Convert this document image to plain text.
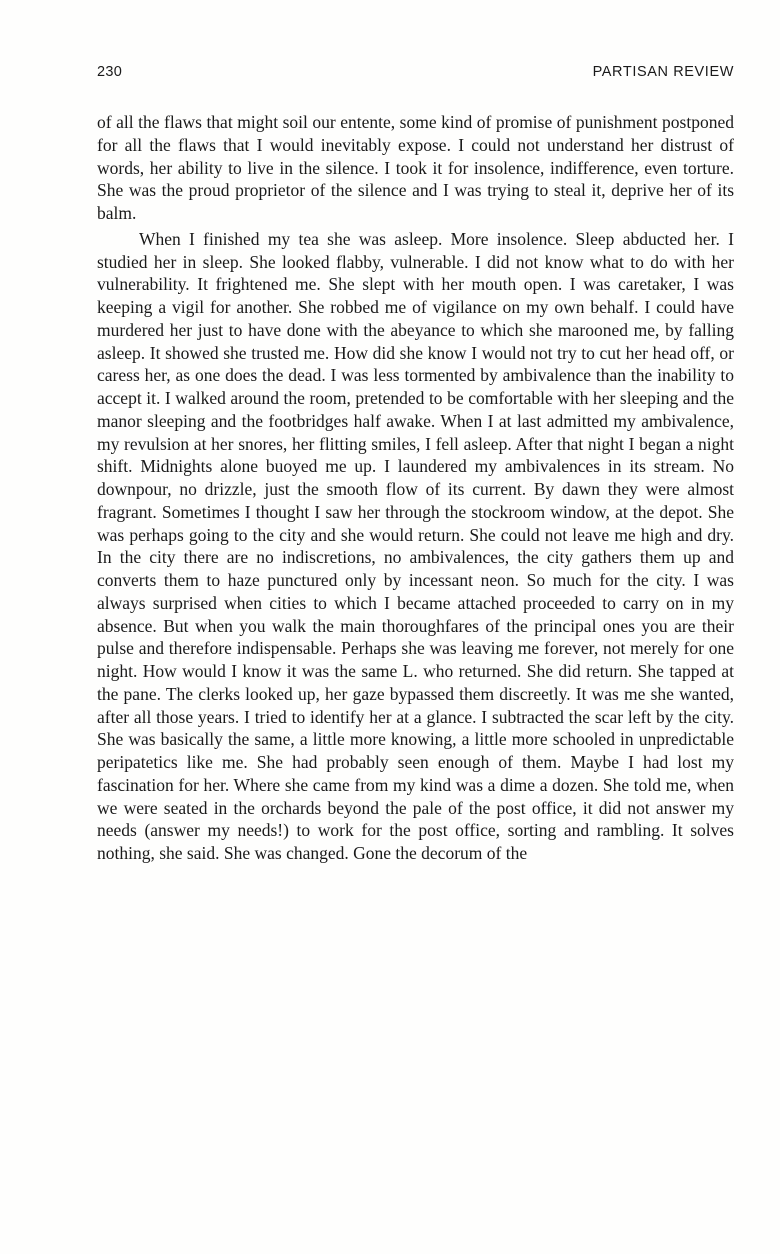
230	PARTISAN REVIEW

of all the flaws that might soil our entente, some kind of promise of punishment postponed for all the flaws that I would inevitably expose. I could not understand her distrust of words, her ability to live in the silence. I took it for insolence, indifference, even torture. She was the proud proprietor of the silence and I was trying to steal it, deprive her of its balm.

When I finished my tea she was asleep. More insolence. Sleep abducted her. I studied her in sleep. She looked flabby, vulnerable. I did not know what to do with her vulnerability. It frightened me. She slept with her mouth open. I was caretaker, I was keeping a vigil for another. She robbed me of vigilance on my own behalf. I could have murdered her just to have done with the abeyance to which she marooned me, by falling asleep. It showed she trusted me. How did she know I would not try to cut her head off, or caress her, as one does the dead. I was less tormented by ambivalence than the inability to accept it. I walked around the room, pretended to be comfortable with her sleeping and the manor sleeping and the footbridges half awake. When I at last admitted my ambivalence, my revulsion at her snores, her flitting smiles, I fell asleep. After that night I began a night shift. Midnights alone buoyed me up. I laundered my ambivalences in its stream. No downpour, no drizzle, just the smooth flow of its current. By dawn they were almost fragrant. Sometimes I thought I saw her through the stockroom window, at the depot. She was perhaps going to the city and she would return. She could not leave me high and dry. In the city there are no indiscretions, no ambivalences, the city gathers them up and converts them to haze punctured only by incessant neon. So much for the city. I was always surprised when cities to which I became attached proceeded to carry on in my absence. But when you walk the main thoroughfares of the principal ones you are their pulse and therefore indispensable. Perhaps she was leaving me forever, not merely for one night. How would I know it was the same L. who returned. She did return. She tapped at the pane. The clerks looked up, her gaze bypassed them discreetly. It was me she wanted, after all those years. I tried to identify her at a glance. I subtracted the scar left by the city. She was basically the same, a little more knowing, a little more schooled in unpredictable peripatetics like me. She had probably seen enough of them. Maybe I had lost my fascination for her. Where she came from my kind was a dime a dozen. She told me, when we were seated in the orchards beyond the pale of the post office, it did not answer my needs (answer my needs!) to work for the post office, sorting and rambling. It solves nothing, she said. She was changed. Gone the decorum of the
